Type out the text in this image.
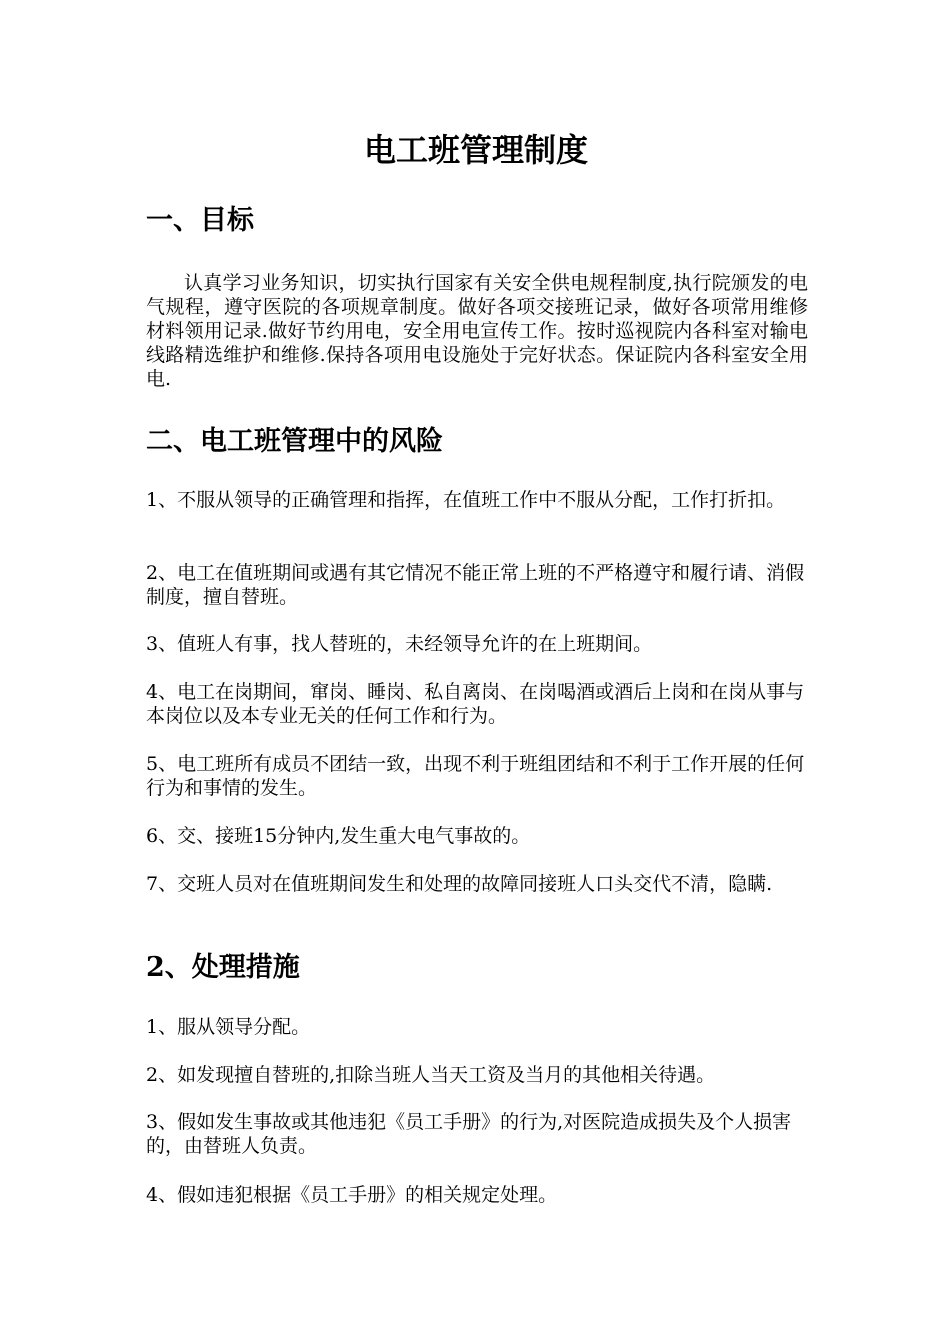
电工班管理制度
一、目标

认真学习业务知识，切实执行国家有关安全供电规程制度,执行院颁发的电气规程，遵守医院的各项规章制度。做好各项交接班记录，做好各项常用维修材料领用记录.做好节约用电，安全用电宣传工作。按时巡视院内各科室对输电线路精选维护和维修.保持各项用电设施处于完好状态。保证院内各科室安全用电.

二、电工班管理中的风险

1、不服从领导的正确管理和指挥，在值班工作中不服从分配，工作打折扣。

2、电工在值班期间或遇有其它情况不能正常上班的不严格遵守和履行请、消假制度，擅自替班。

3、值班人有事，找人替班的，未经领导允许的在上班期间。

4、电工在岗期间，窜岗、睡岗、私自离岗、在岗喝酒或酒后上岗和在岗从事与本岗位以及本专业无关的任何工作和行为。

5、电工班所有成员不团结一致，出现不利于班组团结和不利于工作开展的任何行为和事情的发生。

6、交、接班15分钟内,发生重大电气事故的。

7、交班人员对在值班期间发生和处理的故障同接班人口头交代不清，隐瞒.

2、处理措施

1、服从领导分配。

2、如发现擅自替班的,扣除当班人当天工资及当月的其他相关待遇。

3、假如发生事故或其他违犯《员工手册》的行为,对医院造成损失及个人损害的，由替班人负责。

4、假如违犯根据《员工手册》的相关规定处理。
